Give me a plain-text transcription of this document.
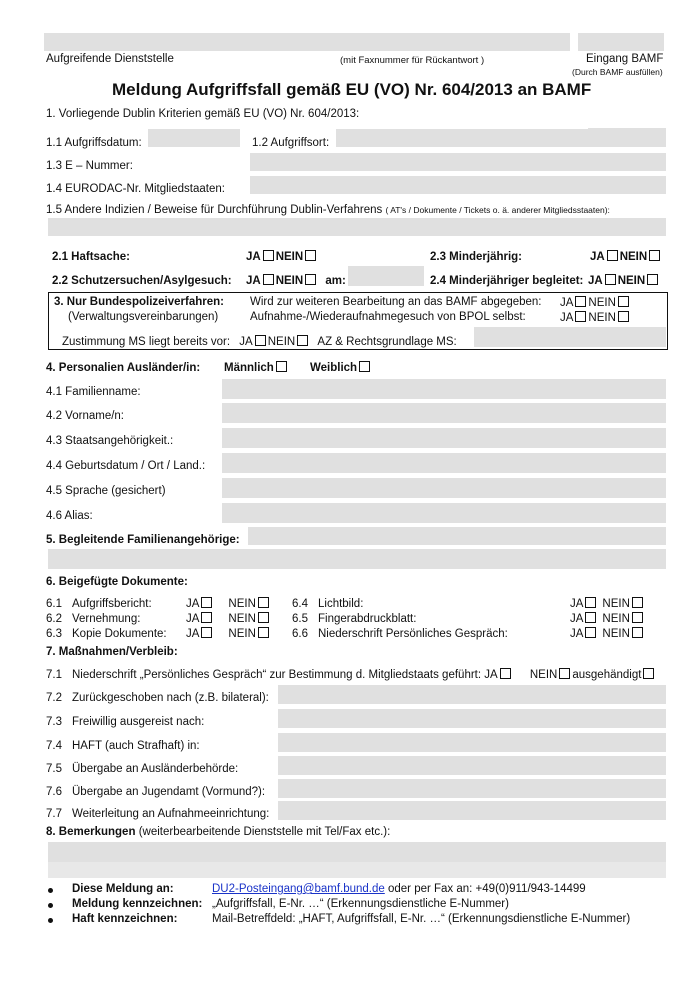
Aufgreifende Dienststelle	(mit Faxnummer für Rückantwort )	Eingang BAMF
(Durch BAMF ausfüllen)
Meldung Aufgriffsfall gemäß EU (VO) Nr. 604/2013 an BAMF
1. Vorliegende Dublin Kriterien gemäß EU (VO) Nr. 604/2013:
1.1 Aufgriffsdatum:	1.2 Aufgriffsort:
1.3 E – Nummer:
1.4 EURODAC-Nr. Mitgliedstaaten:
1.5 Andere Indizien / Beweise für Durchführung Dublin-Verfahrens ( AT's / Dokumente / Tickets o. ä. anderer Mitgliedsstaaten):
2.1 Haftsache:	JA NEIN	2.3 Minderjährig:	JA NEIN
2.2 Schutzersuchen/Asylgesuch: JA NEIN am:	2.4 Minderjähriger begleitet: JA NEIN
3. Nur Bundespolizeiverfahren:
(Verwaltungsvereinbarungen)
Wird zur weiteren Bearbeitung an das BAMF abgegeben: JA NEIN
Aufnahme-/Wiederaufnahmegesuch von BPOL selbst:	JA NEIN
Zustimmung MS liegt bereits vor: JA NEIN AZ & Rechtsgrundlage MS:
4. Personalien Ausländer/in: Männlich	Weiblich
4.1 Familienname:
4.2 Vorname/n:
4.3 Staatsangehörigkeit.:
4.4 Geburtsdatum / Ort / Land.:
4.5 Sprache (gesichert)
4.6 Alias:
5. Begleitende Familienangehörige:
6. Beigefügte Dokumente:
6.1 Aufgriffsbericht:	JA	NEIN
6.2 Vernehmung:	JA	NEIN
6.3 Kopie Dokumente: JA	NEIN
6.4 Lichtbild:	JA NEIN
6.5 Fingerabdruckblatt:	JA NEIN
6.6 Niederschrift Persönliches Gespräch:	JA NEIN
7. Maßnahmen/Verbleib:
7.1 Niederschrift „Persönliches Gespräch“ zur Bestimmung d. Mitgliedstaats geführt: JA	NEIN ausgehändigt
7.2 Zurückgeschoben nach (z.B. bilateral):
7.3 Freiwillig ausgereist nach:
7.4 HAFT (auch Strafhaft) in:
7.5 Übergabe an Ausländerbehörde:
7.6 Übergabe an Jugendamt (Vormund?):
7.7 Weiterleitung an Aufnahmeeinrichtung:
8. Bemerkungen (weiterbearbeitende Dienststelle mit Tel/Fax etc.):
Diese Meldung an:	DU2-Posteingang@bamf.bund.de oder per Fax an: +49(0)911/943-14499
Meldung kennzeichnen: „Aufgriffsfall, E-Nr. …“ (Erkennungsdienstliche E-Nummer)
Haft kennzeichnen:	Mail-Betreffdeld: „HAFT, Aufgriffsfall, E-Nr. …“ (Erkennungsdienstliche E-Nummer)
